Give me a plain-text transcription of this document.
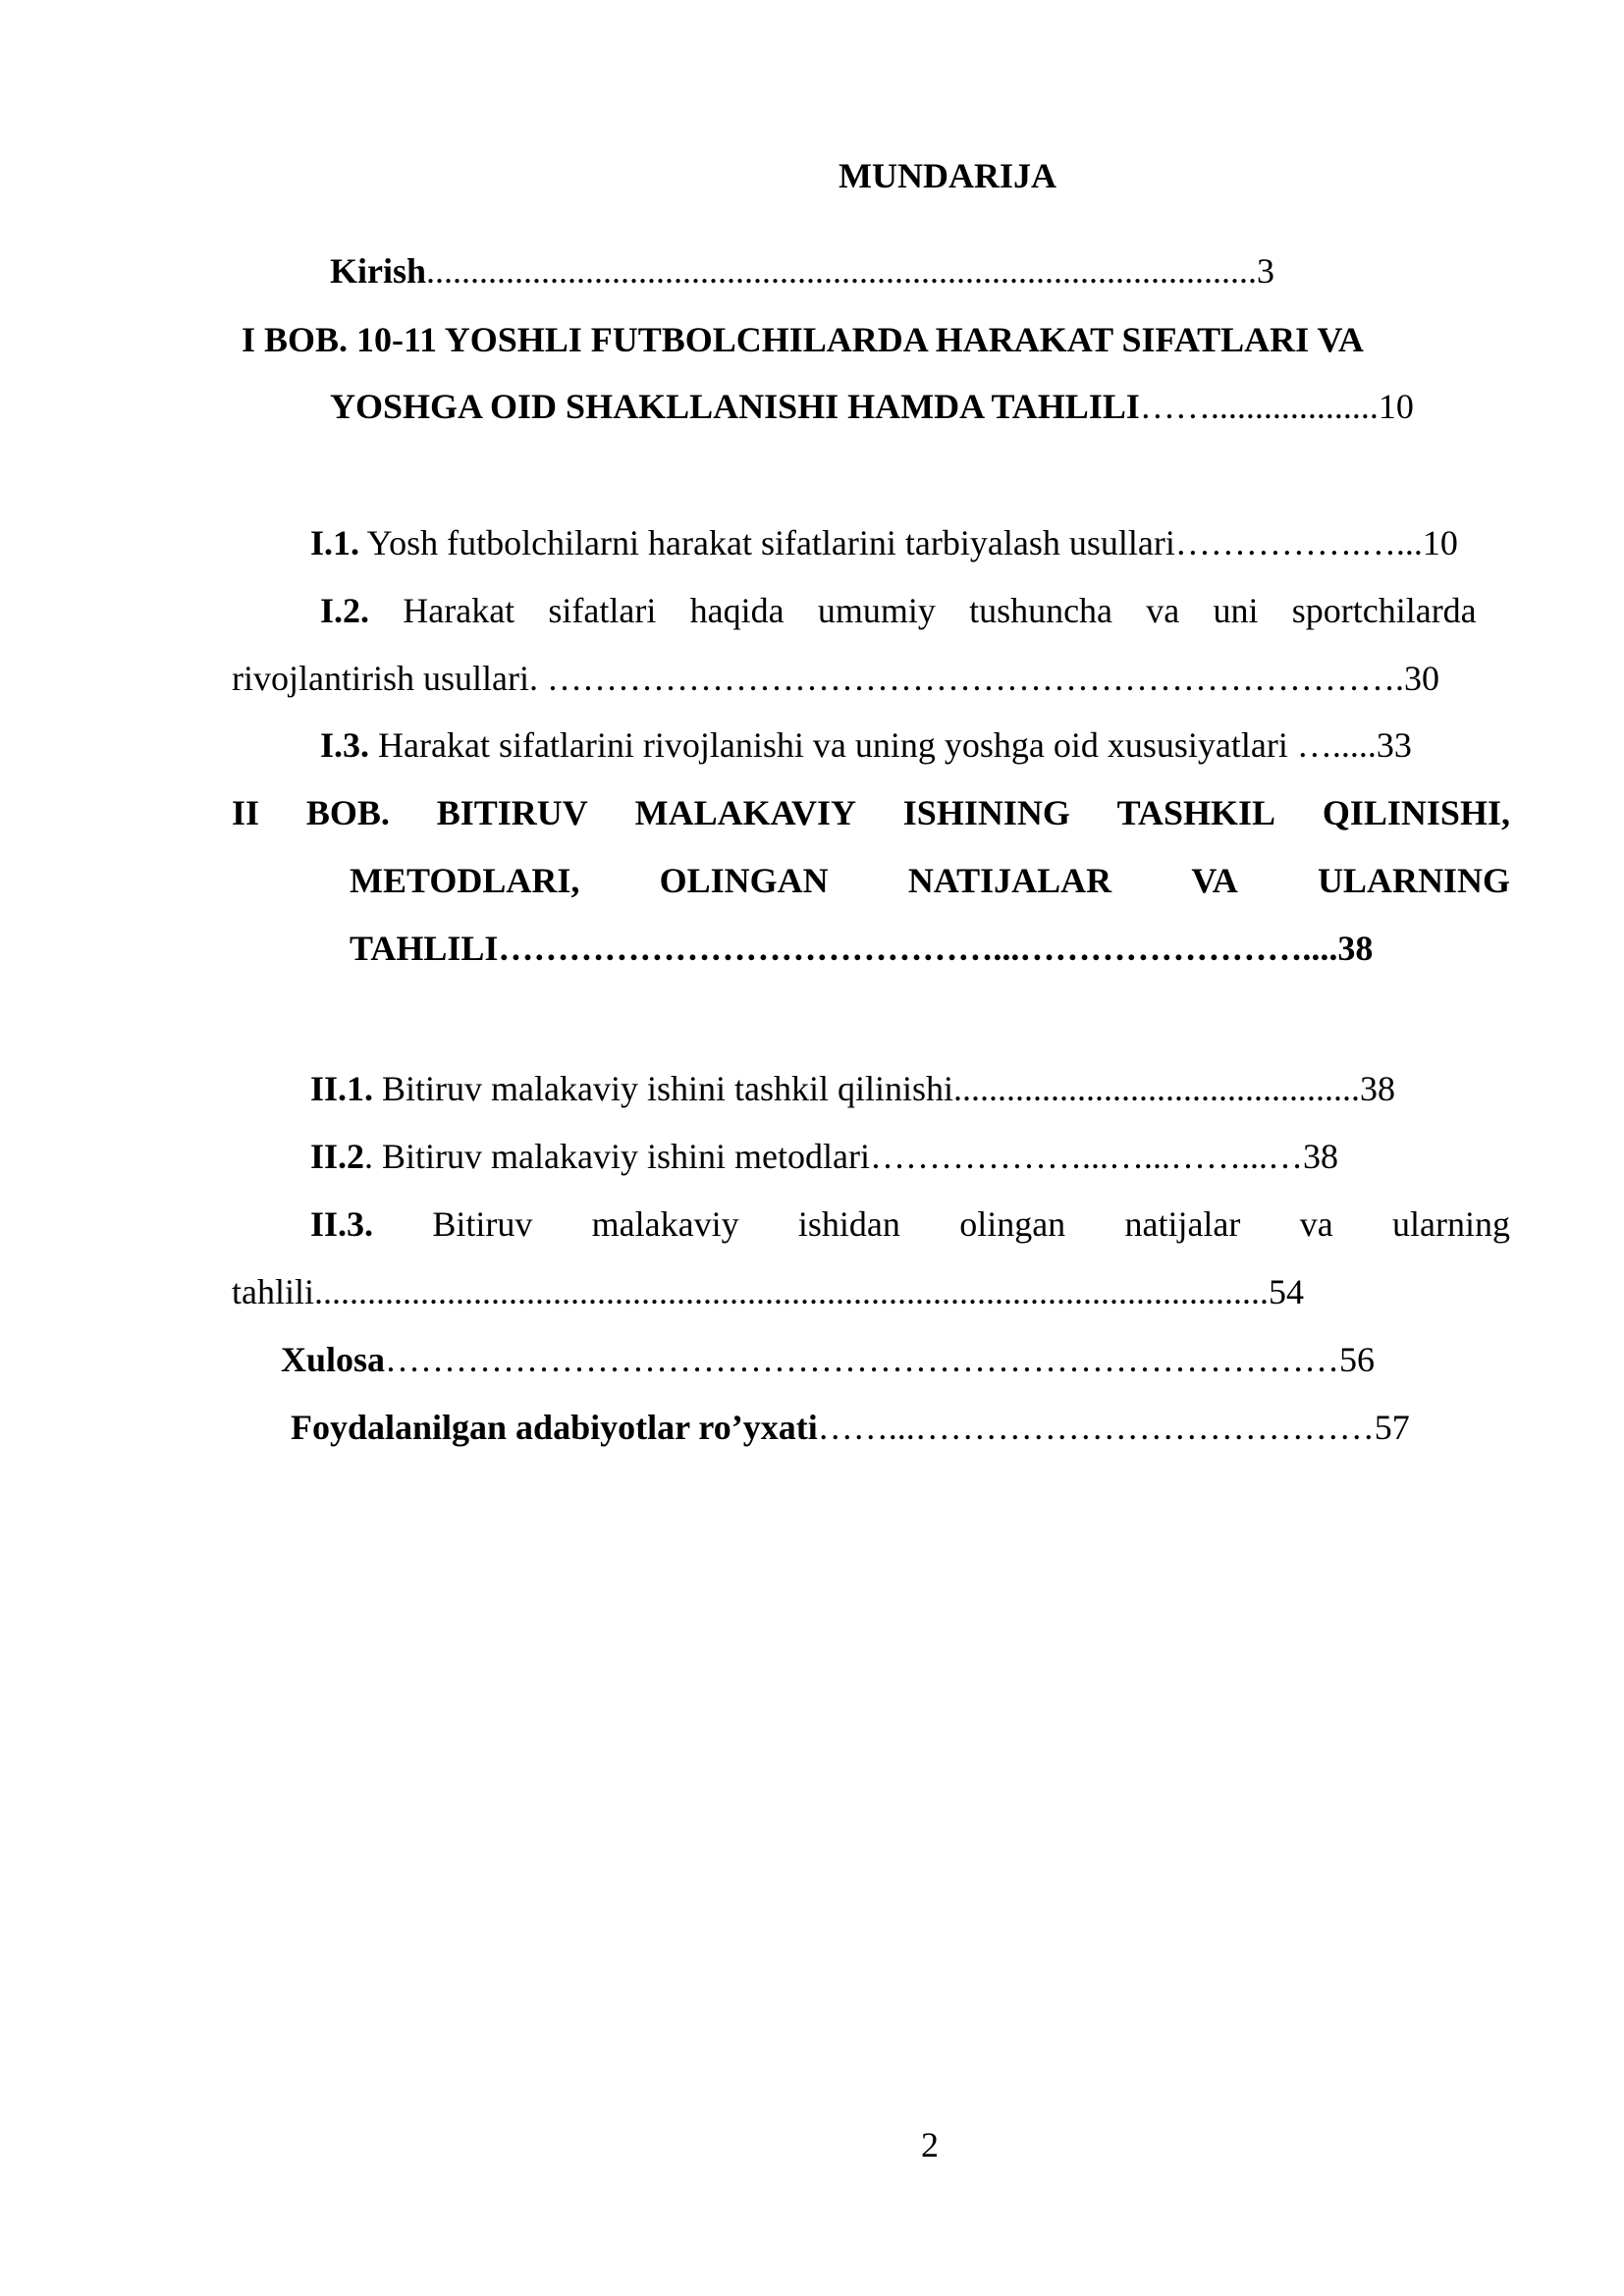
MUNDARIJA
Kirish..............................................................................................3
I BOB. 10-11 YOSHLI FUTBOLCHILARDA HARAKAT SIFATLARI VA
YOSHGA OID SHAKLLANISHI HAMDA TAHLILI……...................10
I.1. Yosh futbolchilarni harakat sifatlarini tarbiyalash usullari…………….…...10
I.2. Harakat sifatlari haqida umumiy tushuncha va uni sportchilarda
rivojlantirish usullari. ……………………………………………………………….30
I.3. Harakat sifatlarini rivojlanishi va uning yoshga oid xususiyatlari ….....33
II BOB. BITIRUV MALAKAVIY ISHINING TASHKIL QILINISHI,
METODLARI, OLINGAN NATIJALAR VA ULARNING
TAHLILI……………………………………...……………………....38
II.1. Bitiruv malakaviy ishini tashkil qilinishi..............................................38
II.2. Bitiruv malakaviy ishini metodlari………………...…...……...…38
II.3. Bitiruv malakaviy ishidan olingan natijalar va ularning
tahlili............................................................................................................54
Xulosa………………………………………………………………………56
Foydalanilgan adabiyotlar ro’yxati……...…………………………………57
2
